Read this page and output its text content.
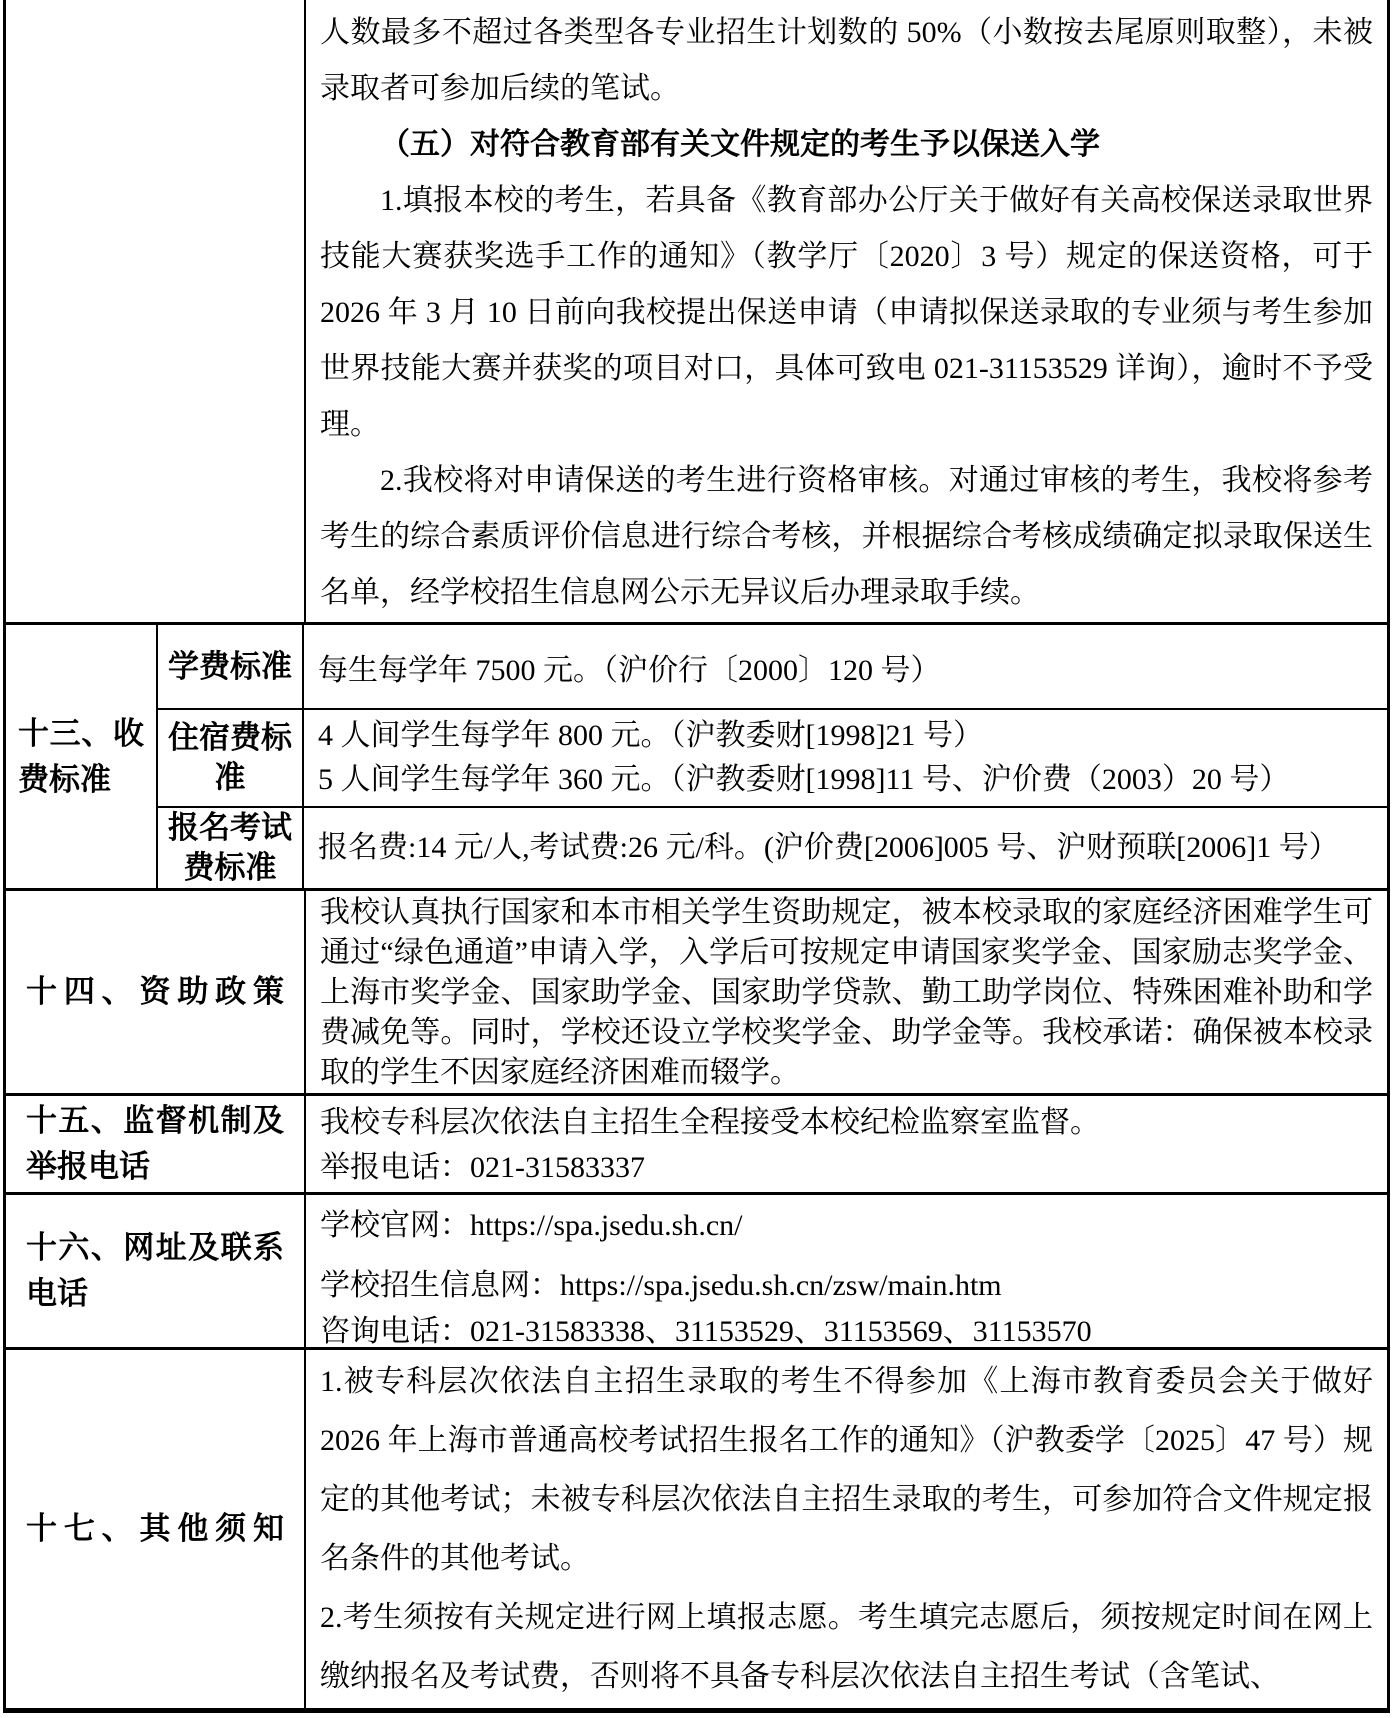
人数最多不超过各类型各专业招生计划数的 50%（小数按去尾原则取整），未被录取者可参加后续的笔试。

（五）对符合教育部有关文件规定的考生予以保送入学

1.填报本校的考生，若具备《教育部办公厅关于做好有关高校保送录取世界技能大赛获奖选手工作的通知》（教学厅〔2020〕3 号）规定的保送资格，可于 2026 年 3 月 10 日前向我校提出保送申请（申请拟保送录取的专业须与考生参加世界技能大赛并获奖的项目对口，具体可致电 021-31153529 详询），逾时不予受理。

2.我校将对申请保送的考生进行资格审核。对通过审核的考生，我校将参考考生的综合素质评价信息进行综合考核，并根据综合考核成绩确定拟录取保送生名单，经学校招生信息网公示无异议后办理录取手续。

十三、收费标准
学费标准 每生每学年 7500 元。（沪价行〔2000〕120 号）
住宿费标准
4 人间学生每学年 800 元。（沪教委财[1998]21 号）
5 人间学生每学年 360 元。（沪教委财[1998]11 号、沪价费（2003）20 号）
报名考试费标准
报名费:14 元/人,考试费:26 元/科。(沪价费[2006]005 号、沪财预联[2006]1 号）
十四、资助政策
我校认真执行国家和本市相关学生资助规定，被本校录取的家庭经济困难学生可通过“绿色通道”申请入学，入学后可按规定申请国家奖学金、国家励志奖学金、上海市奖学金、国家助学金、国家助学贷款、勤工助学岗位、特殊困难补助和学费减免等。同时，学校还设立学校奖学金、助学金等。我校承诺：确保被本校录取的学生不因家庭经济困难而辍学。
十五、监督机制及举报电话
我校专科层次依法自主招生全程接受本校纪检监察室监督。
举报电话：021-31583337
十六、网址及联系电话
学校官网：https://spa.jsedu.sh.cn/
学校招生信息网：https://spa.jsedu.sh.cn/zsw/main.htm
咨询电话：021-31583338、31153529、31153569、31153570
十七、其他须知

1.被专科层次依法自主招生录取的考生不得参加《上海市教育委员会关于做好 2026 年上海市普通高校考试招生报名工作的通知》（沪教委学〔2025〕47 号）规定的其他考试；未被专科层次依法自主招生录取的考生，可参加符合文件规定报名条件的其他考试。

2.考生须按有关规定进行网上填报志愿。考生填完志愿后，须按规定时间在网上缴纳报名及考试费，否则将不具备专科层次依法自主招生考试（含笔试、
